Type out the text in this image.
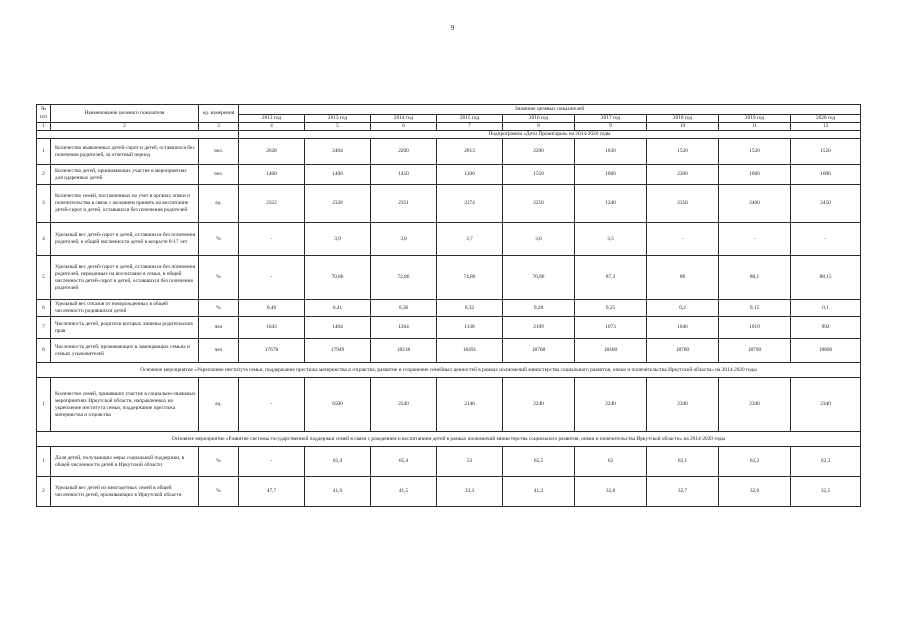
9
№ п/п	Наименование целевого показателя	ед. измерения	Значение целевых показателей								
			2012 год	2013 год	2014 год	2015 год	2016 год	2017 год	2018 год	2019 год	2020 год
1	2	3	4	5	6	7	8	9	10	11	12
			Подпрограмма «Дети Приангарья» на 2014-2020 годы								
1	Количество выявленных детей-сирот и детей, оставшихся без попечения родителей, за отчетный период	чел.	2628	2404	2200	2013	2200	1830	1520	1520	1520
2	Количество детей, принимающих участие в мероприятиях для одаренных детей	чел.	1400	1400	1450	1200	1550	1600	2300	1600	1600
3	Количество семей, поставленных на учет в органах опеки и попечительства в связи с желанием принять на воспитание детей-сирот и детей, оставшихся без попечения родителей	ед.	2322	2328	2351	2374	2250	1240	2350	2400	2450
4	Удельный вес детей-сирот и детей, оставшихся без попечения родителей, в общей численности детей в возрасте 0-17 лет	%	-	3,9	3,8	3,7	3,6	3,5	-	-	-
5	Удельный вес детей-сирот и детей, оставшихся без попечения родителей, переданных на воспитание в семьи, в общей численности детей-сирот и детей, оставшихся без попечения родителей	%	-	70,86	72,86	74,86	76,86	87,3	88	88,1	88,15
6	Удельный вес отказов от новорожденных в общей численности родившихся детей	%	0,46	0,41	0,36	0,32	0,28	0,25	0,2	0,15	0,1
7	Численность детей, родители которых лишены родительских прав	чел	1643	1404	1264	1138	2109	1073	1046	1019	992
8	Численность детей, проживающих в замещающих семьях и семьях усыновителей	чел	17678	17949	18218	18491	18768	18400	18780	18790	18800
Основное мероприятие «Укрепление института семьи, поддержание престижа материнства и отцовства, развитие и сохранение семейных ценностей в рамках полномочий министерства социального развития, опеки и попечительства Иркутской области» на 2014-2020 годы											
1	Количество семей, принявших участие в социально-значимых мероприятиях Иркутской области, направленных на укрепление института семьи, поддержание престижа материнства и отцовства	ед.	-	6500	2240	2140	2240	2240	2340	2340	2340
Основное мероприятие «Развитие системы государственной поддержки семей в связи с рождением и воспитанием детей в рамках полномочий министерства социального развития, опеки и попечительства Иркутской области» на 2014-2020 годы											
1	Доля детей, получающих меры социальной поддержки, в общей численности детей в Иркутской области	%	-	65,4	65,4	53	65,5	62	62,1	62,2	62,3
2	Удельный вес детей из многодетных семей в общей численности детей, проживающих в Иркутской области	%	47,7	41,9	41,5	33,3	41,2	32,8	32,7	32,6	32,5
